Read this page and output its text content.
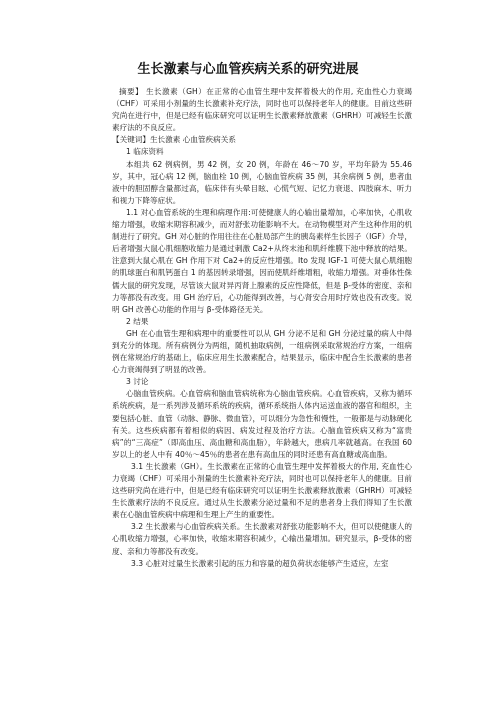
生长激素与心血管疾病关系的研究进展

摘要】 生长激素（GH）在正常的心血管生理中发挥着极大的作用, 充血性心力衰竭（CHF）可采用小剂量的生长激素补充疗法，同时也可以保持老年人的健康。目前这些研究尚在进行中，但是已经有临床研究可以证明生长激素释放激素（GHRH）可减轻生长激素疗法的不良反应。

【关键词】生长激素 心血管疾病关系

1 临床资料

本组共 62 例病例，男 42 例，女 20 例，年龄在 46～70 岁，平均年龄为 55.46 岁，其中，冠心病 12 例，脑血栓 10 例，心脑血管疾病 35 例，其余病例 5 例，患者血液中的胆固醇含量都过高，临床伴有头晕目眩、心慌气短、记忆力衰退、四肢麻木、听力和视力下降等症状。

1.1 对心血管系统的生理和病理作用:可使健康人的心输出量增加，心率加快，心肌收缩力增强，收缩末期容积减少，而对舒张功能影响不大。在动物模型对产生这种作用的机制进行了研究。GH 对心脏的作用往往在心脏局部产生的胰岛素样生长因子（IGF）介导，后者增强大鼠心肌细胞收缩力是通过刺激 Ca2+从终末池和肌纤维膜下池中释放的结果。注意到大鼠心肌在 GH 作用下对 Ca2+的反应性增强。Ito 发现 IGF-1 可使大鼠心肌细胞的肌球蛋白和肌钙蛋白 1 的基因转录增强，因而使肌纤维增粗，收缩力增强。对垂体性侏儒大鼠的研究发现，尽管该大鼠对异丙肾上腺素的反应性降低，但是 β-受体的密度、亲和力等都没有改变。用 GH 治疗后，心功能得到改善，与心肾安合用时疗效也没有改变。说明 GH 改善心功能的作用与 β-受体路径无关。

2 结果

GH 在心血管生理和病理中的重要性可以从 GH 分泌不足和 GH 分泌过量的病人中得到充分的体现。所有病例分为两组，随机抽取病例，一组病例采取常规治疗方案，一组病例在常规治疗的基础上，临床应用生长激素配合，结果显示，临床中配合生长激素的患者心力衰竭得到了明显的改善。

3 讨论

心脑血管疾病。心血管病和脑血管病统称为心脑血管疾病。心血管疾病，又称为循环系统疾病，是一系列涉及循环系统的疾病，循环系统指人体内运送血液的器官和组织，主要包括心脏、血管（动脉、静脉、微血管），可以细分为急性和慢性，一般都是与动脉硬化有关。这些疾病都有着相似的病因、病发过程及治疗方法。心脑血管疾病又称为“富贵病”的“三高症”（即高血压、高血糖和高血脂），年龄越大，患病几率就越高。在我国 60 岁以上的老人中有 40％～45％的患者在患有高血压的同时还患有高血糖或高血脂。

3.1 生长激素（GH）。生长激素在正常的心血管生理中发挥着极大的作用, 充血性心力衰竭（CHF）可采用小剂量的生长激素补充疗法，同时也可以保持老年人的健康。目前这些研究尚在进行中，但是已经有临床研究可以证明生长激素释放激素（GHRH）可减轻生长激素疗法的不良反应。通过从生长激素分泌过量和不足的患者身上我们得知了生长激素在心脑血管疾病中病理和生理上产生的重要性。

3.2 生长激素与心血管疾病关系。生长激素对舒张功能影响不大，但可以使健康人的心肌收缩力增强，心率加快，收缩末期容积减少，心输出量增加。研究显示，β-受体的密度、亲和力等都没有改变。

3.3 心脏对过量生长激素引起的压力和容量的超负荷状态能够产生适应，左室
